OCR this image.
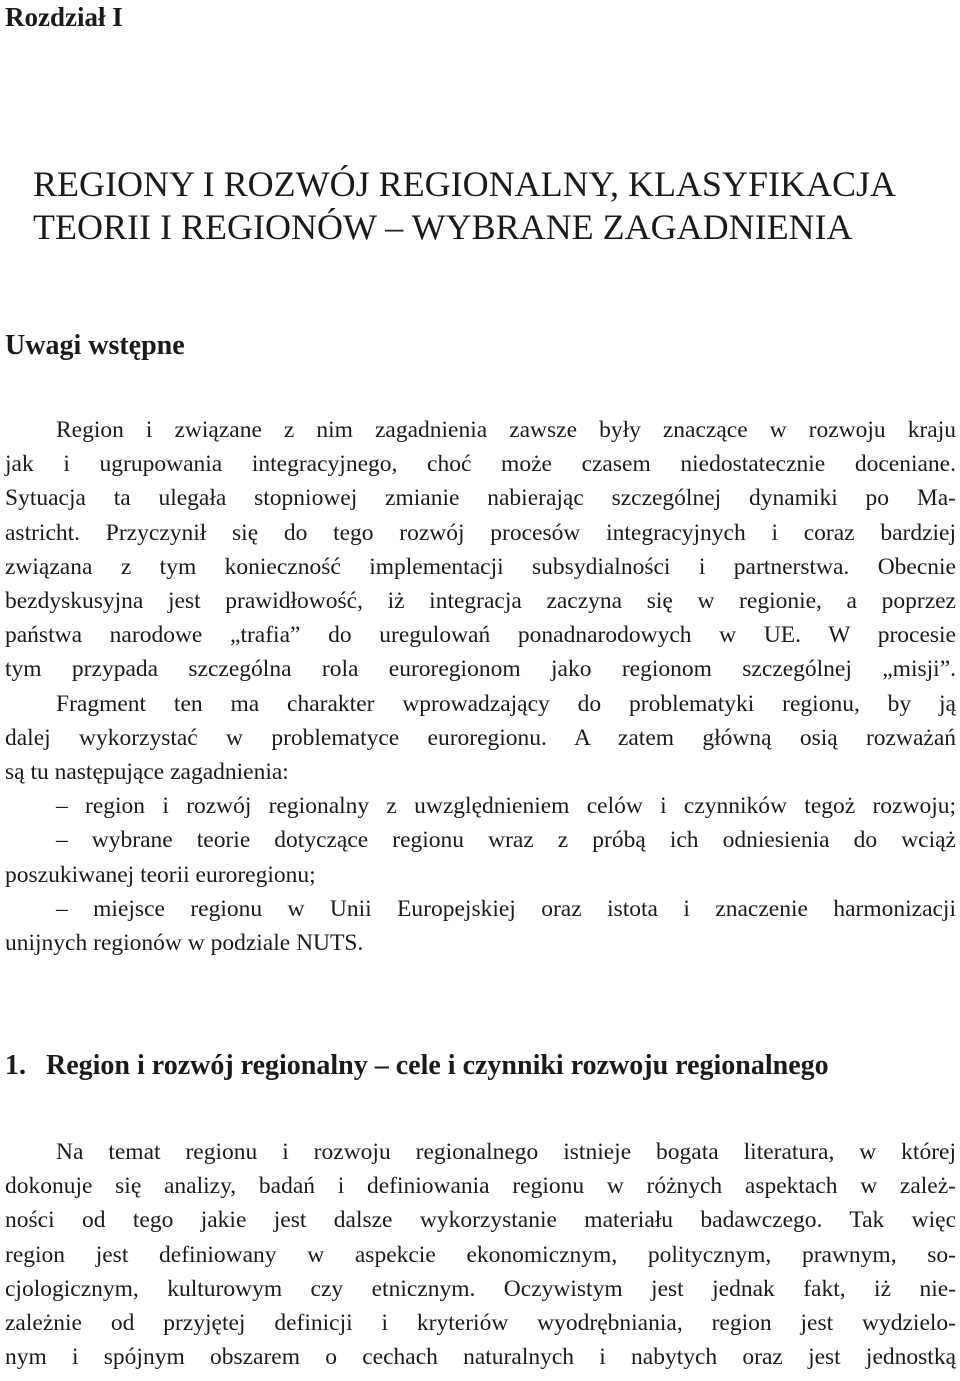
Rozdział I
REGIONY I ROZWÓJ REGIONALNY, KLASYFIKACJA
TEORII I REGIONÓW – WYBRANE ZAGADNIENIA
Uwagi wstępne
Region i związane z nim zagadnienia zawsze były znaczące w rozwoju kraju
jak i ugrupowania integracyjnego, choć może czasem niedostatecznie doceniane.
Sytuacja ta ulegała stopniowej zmianie nabierając szczególnej dynamiki po Ma-
astricht. Przyczynił się do tego rozwój procesów integracyjnych i coraz bardziej
związana z tym konieczność implementacji subsydialności i partnerstwa. Obecnie
bezdyskusyjna jest prawidłowość, iż integracja zaczyna się w regionie, a poprzez
państwa narodowe „trafia” do uregulowań ponadnarodowych w UE. W procesie
tym przypada szczególna rola euroregionom jako regionom szczególnej „misji”.
Fragment ten ma charakter wprowadzający do problematyki regionu, by ją
dalej wykorzystać w problematyce euroregionu. A zatem główną osią rozważań
są tu następujące zagadnienia:
– region i rozwój regionalny z uwzględnieniem celów i czynników tegoż rozwoju;
– wybrane teorie dotyczące regionu wraz z próbą ich odniesienia do wciąż
poszukiwanej teorii euroregionu;
– miejsce regionu w Unii Europejskiej oraz istota i znaczenie harmonizacji
unijnych regionów w podziale NUTS.
1. Region i rozwój regionalny – cele i czynniki rozwoju regionalnego
Na temat regionu i rozwoju regionalnego istnieje bogata literatura, w której
dokonuje się analizy, badań i definiowania regionu w różnych aspektach w zależ-
ności od tego jakie jest dalsze wykorzystanie materiału badawczego. Tak więc
region jest definiowany w aspekcie ekonomicznym, politycznym, prawnym, so-
cjologicznym, kulturowym czy etnicznym. Oczywistym jest jednak fakt, iż nie-
zależnie od przyjętej definicji i kryteriów wyodrębniania, region jest wydzielo-
nym i spójnym obszarem o cechach naturalnych i nabytych oraz jest jednostką
